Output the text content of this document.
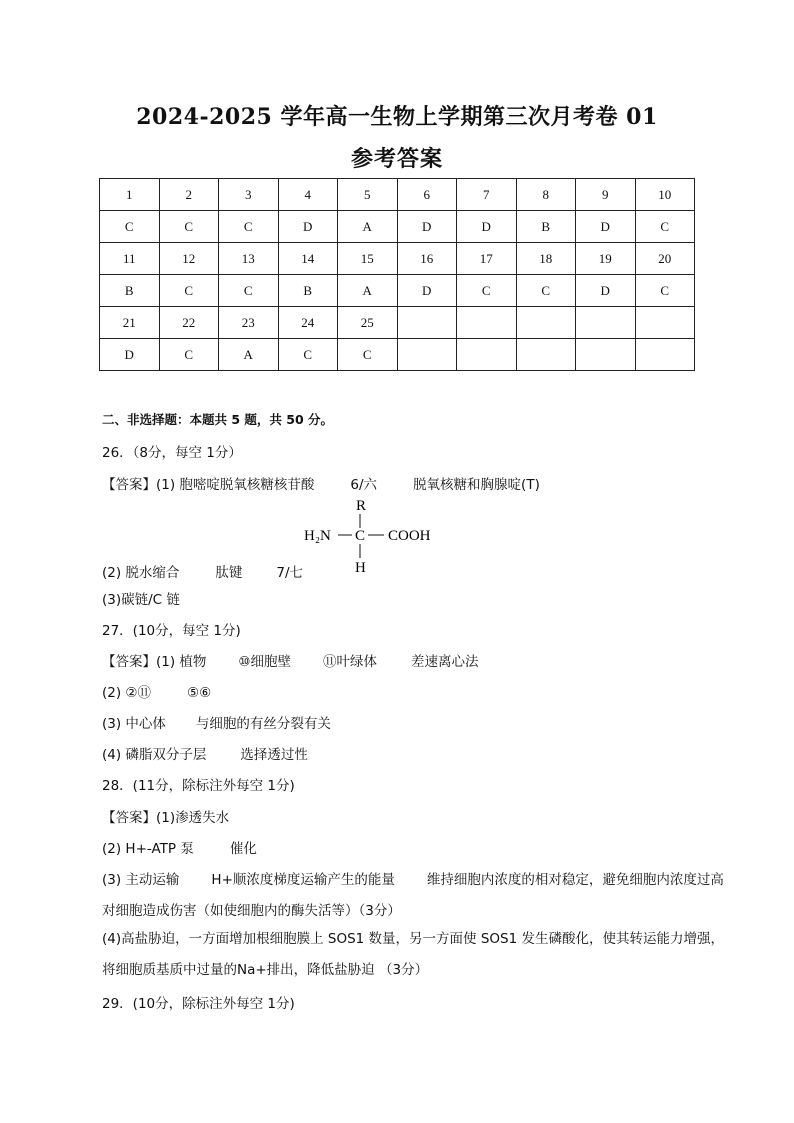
2024-2025 学年高一生物上学期第三次月考卷 01
参考答案
1	2	3	4	5	6	7	8	9	10
C	C	C	D	A	D	D	B	D	C
11	12	13	14	15	16	17	18	19	20
B	C	C	B	A	D	C	C	D	C
21	22	23	24	25					
D	C	A	C	C					
二、非选择题：本题共 5 题，共 50 分。
26．（8分，每空 1分）
【答案】(1) 胞嘧啶脱氧核糖核苷酸	6/六	脱氧核糖和胸腺啶(T)
R
H₂N C COOH
H
(2) 脱水缩合	肽键	7/七
(3)碳链/C 链
27．(10分，每空 1分)
【答案】(1) 植物 ⑩细胞壁 ⑪叶绿体	差速离心法
(2) ②⑪	⑤⑥
(3) 中心体 与细胞的有丝分裂有关
(4) 磷脂双分子层	选择透过性
28．(11分，除标注外每空 1分)
【答案】(1)渗透失水
(2) H+-ATP 泵	催化
(3) 主动运输 H+顺浓度梯度运输产生的能量 维持细胞内浓度的相对稳定，避免细胞内浓度过高
对细胞造成伤害（如使细胞内的酶失活等）（3分）
(4)高盐胁迫，一方面增加根细胞膜上 SOS1 数量，另一方面使 SOS1 发生磷酸化，使其转运能力增强，将细胞质基质中过量的Na+排出，降低盐胁迫 （3分）
29．(10分，除标注外每空 1分)
